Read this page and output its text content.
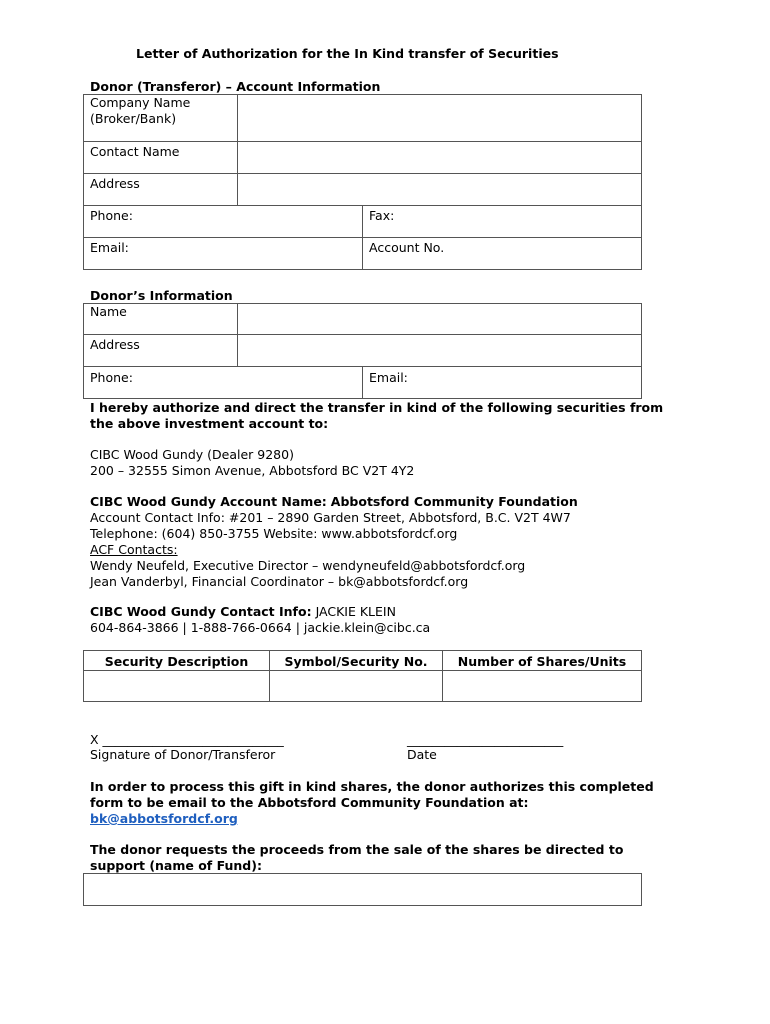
Letter of Authorization for the In Kind transfer of Securities
Donor (Transferor) – Account Information
Company Name
(Broker/Bank)		

Contact Name		

Address		

Phone:		Fax:

Email:		Account No.
Donor’s Information
Name		

Address		

Phone:		Email:
I hereby authorize and direct the transfer in kind of the following securities from
the above investment account to:
CIBC Wood Gundy (Dealer 9280)
200 – 32555 Simon Avenue, Abbotsford BC V2T 4Y2
CIBC Wood Gundy Account Name: Abbotsford Community Foundation
Account Contact Info: #201 – 2890 Garden Street, Abbotsford, B.C. V2T 4W7
Telephone: (604) 850-3755 Website: www.abbotsfordcf.org
ACF Contacts:
Wendy Neufeld, Executive Director – wendyneufeld@abbotsfordcf.org
Jean Vanderbyl, Financial Coordinator – bk@abbotsfordcf.org
CIBC Wood Gundy Contact Info: JACKIE KLEIN
604-864-3866 | 1-888-766-0664 | jackie.klein@cibc.ca
Security Description	Symbol/Security No.	Number of Shares/Units

X _____________________________
Signature of Donor/Transferor
_________________________
Date
In order to process this gift in kind shares, the donor authorizes this completed
form to be email to the Abbotsford Community Foundation at:
bk@abbotsfordcf.org
The donor requests the proceeds from the sale of the shares be directed to
support (name of Fund):
